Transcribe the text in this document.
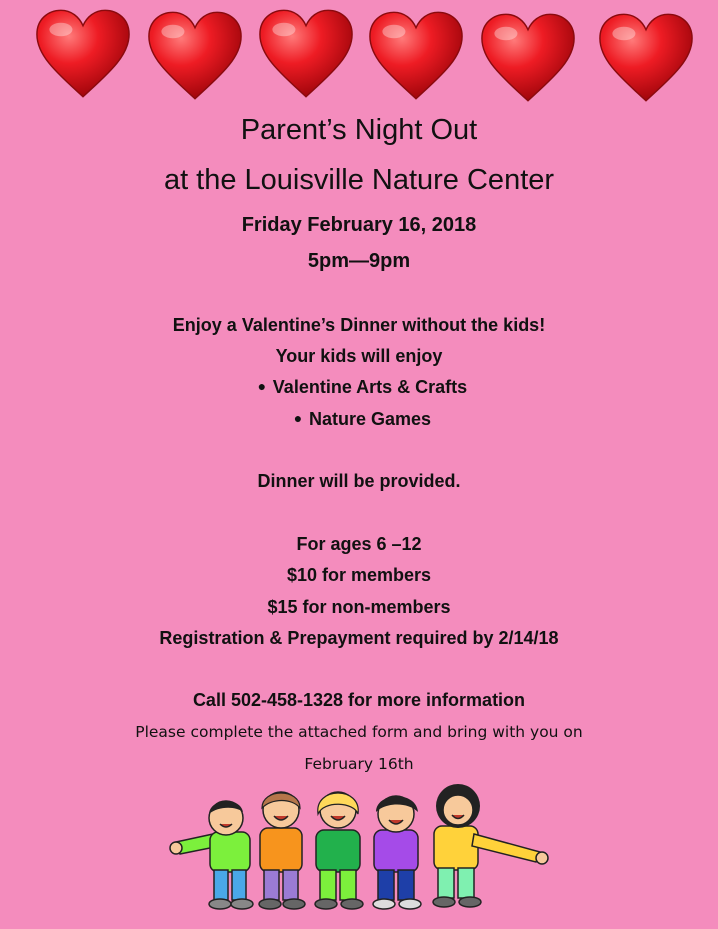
Parent’s Night Out
at the Louisville Nature Center
Friday February 16, 2018
5pm—9pm
Enjoy a Valentine’s Dinner without the kids!
Your kids will enjoy
● Valentine Arts & Crafts
● Nature Games
Dinner will be provided.
For ages 6 –12
$10 for members
$15 for non-members
Registration & Prepayment required by 2/14/18
Call 502-458-1328 for more information
Please complete the attached form and bring with you on
February 16th
